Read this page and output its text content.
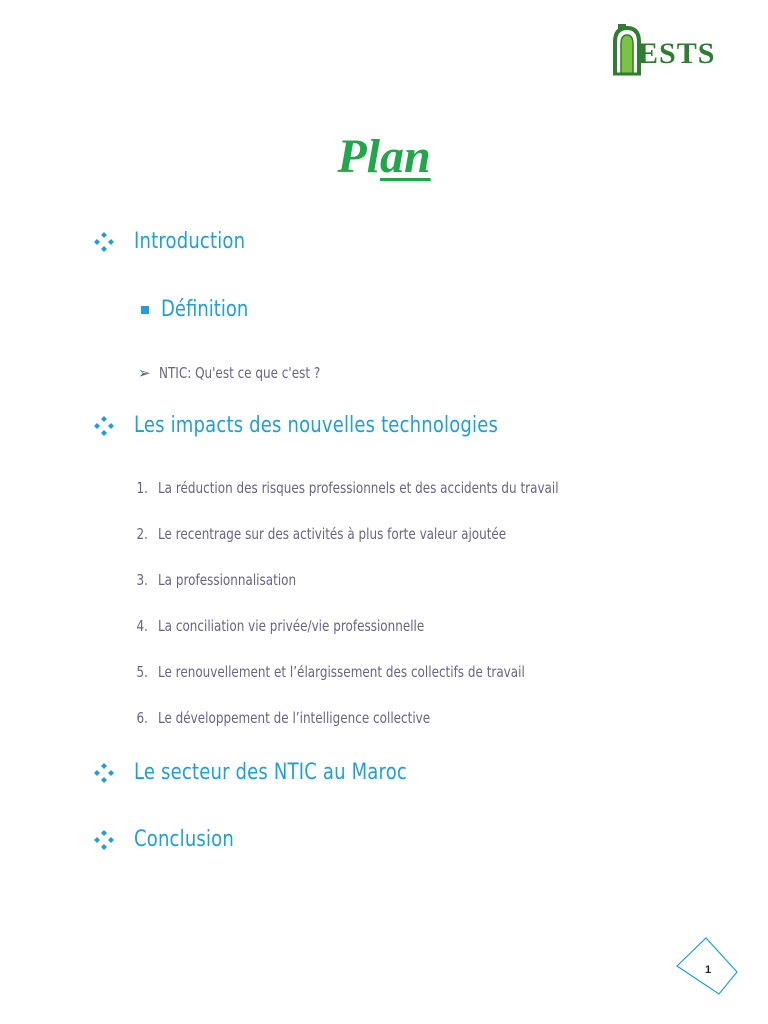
ESTS
Plan
Introduction
Définition
➢ NTIC: Qu'est ce que c'est ?
Les impacts des nouvelles technologies
1. La réduction des risques professionnels et des accidents du travail
2. Le recentrage sur des activités à plus forte valeur ajoutée
3. La professionnalisation
4. La conciliation vie privée/vie professionnelle
5. Le renouvellement et l’élargissement des collectifs de travail
6. Le développement de l’intelligence collective
Le secteur des NTIC au Maroc
Conclusion
1
